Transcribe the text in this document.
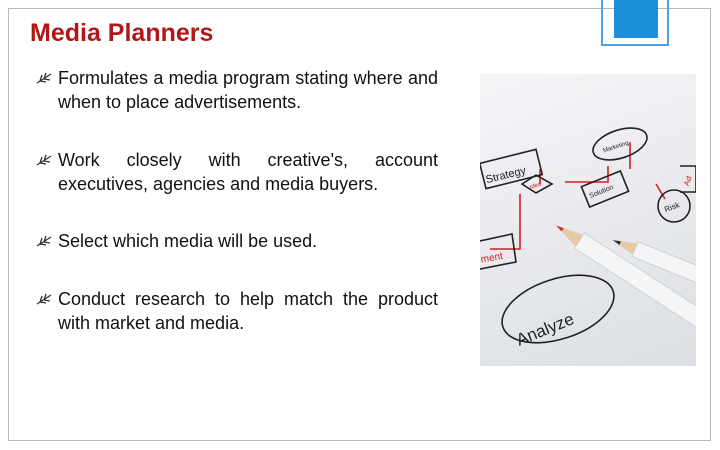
Media Planners
Formulates a media program stating where and when to place advertisements.
Work closely with creative's, account executives, agencies and media buyers.
Select which media will be used.
Conduct research to help match the product with market and media.
Strategy
Marketing
Idea	Solution
Risk
Ad
ment
Analyze
